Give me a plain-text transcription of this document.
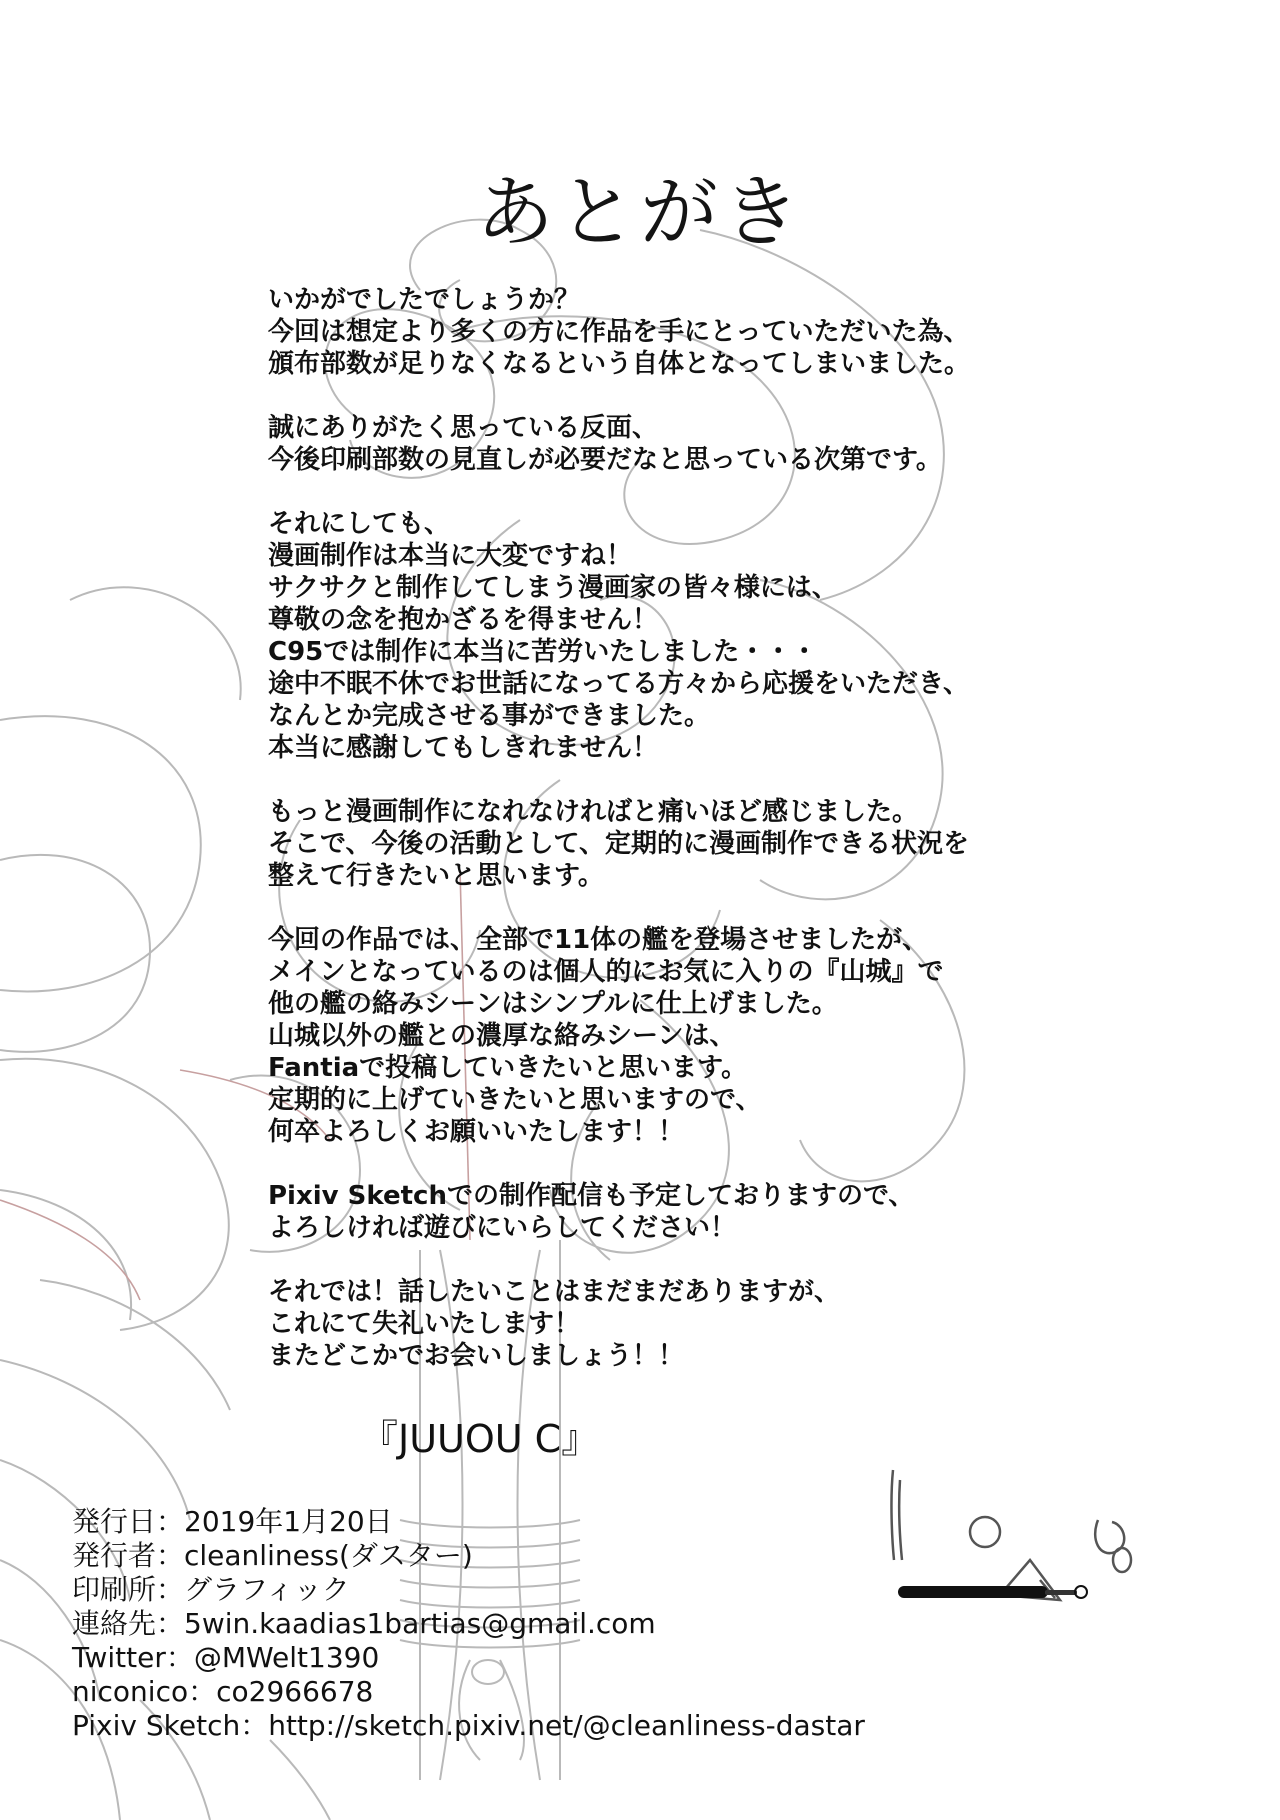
あとがき
いかがでしたでしょうか？
今回は想定より多くの方に作品を手にとっていただいた為、
頒布部数が足りなくなるという自体となってしまいました。
誠にありがたく思っている反面、
今後印刷部数の見直しが必要だなと思っている次第です。
それにしても、
漫画制作は本当に大変ですね！
サクサクと制作してしまう漫画家の皆々様には、
尊敬の念を抱かざるを得ません！
C95では制作に本当に苦労いたしました・・・
途中不眠不休でお世話になってる方々から応援をいただき、
なんとか完成させる事ができました。
本当に感謝してもしきれません！
もっと漫画制作になれなければと痛いほど感じました。
そこで、今後の活動として、定期的に漫画制作できる状況を
整えて行きたいと思います。
今回の作品では、全部で11体の艦を登場させましたが、
メインとなっているのは個人的にお気に入りの『山城』で
他の艦の絡みシーンはシンプルに仕上げました。
山城以外の艦との濃厚な絡みシーンは、
Fantiaで投稿していきたいと思います。
定期的に上げていきたいと思いますので、
何卒よろしくお願いいたします！！
Pixiv Sketchでの制作配信も予定しておりますので、
よろしければ遊びにいらしてください！
それでは！話したいことはまだまだありますが、
これにて失礼いたします！
またどこかでお会いしましょう！！
『JUUOU C』
発行日：2019年1月20日
発行者：cleanliness(ダスター)
印刷所：グラフィック
連絡先：5win.kaadias1bartias@gmail.com
Twitter：@MWelt1390
niconico：co2966678
Pixiv Sketch：http://sketch.pixiv.net/@cleanliness-dastar
